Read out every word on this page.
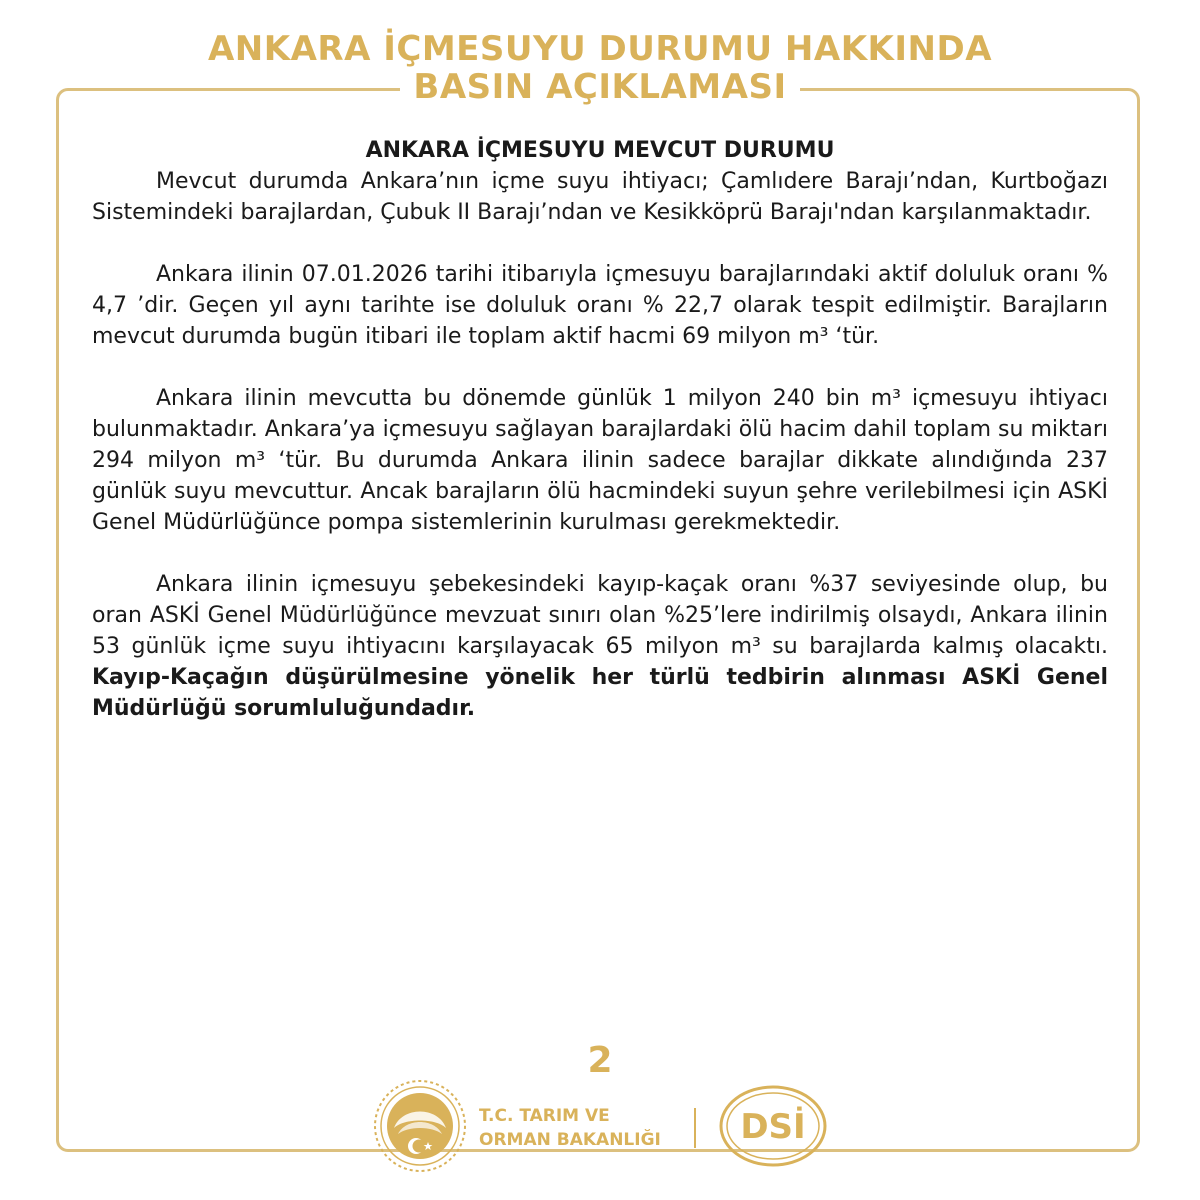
ANKARA İÇMESUYU DURUMU HAKKINDA
BASIN AÇIKLAMASI

ANKARA İÇMESUYU MEVCUT DURUMU

Mevcut durumda Ankara’nın içme suyu ihtiyacı; Çamlıdere Barajı’ndan, Kurtboğazı Sistemindeki barajlardan, Çubuk II Barajı’ndan ve Kesikköprü Barajı'ndan karşılanmaktadır.

Ankara ilinin 07.01.2026 tarihi itibarıyla içmesuyu barajlarındaki aktif doluluk oranı % 4,7 ’dir. Geçen yıl aynı tarihte ise doluluk oranı % 22,7 olarak tespit edilmiştir. Barajların mevcut durumda bugün itibari ile toplam aktif hacmi 69 milyon m³ ‘tür.

Ankara ilinin mevcutta bu dönemde günlük 1 milyon 240 bin m³ içmesuyu ihtiyacı bulunmaktadır. Ankara’ya içmesuyu sağlayan barajlardaki ölü hacim dahil toplam su miktarı 294 milyon m³ ‘tür. Bu durumda Ankara ilinin sadece barajlar dikkate alındığında 237 günlük suyu mevcuttur. Ancak barajların ölü hacmindeki suyun şehre verilebilmesi için ASKİ Genel Müdürlüğünce pompa sistemlerinin kurulması gerekmektedir.

Ankara ilinin içmesuyu şebekesindeki kayıp-kaçak oranı %37 seviyesinde olup, bu oran ASKİ Genel Müdürlüğünce mevzuat sınırı olan %25’lere indirilmiş olsaydı, Ankara ilinin 53 günlük içme suyu ihtiyacını karşılayacak 65 milyon m³ su barajlarda kalmış olacaktı. Kayıp-Kaçağın düşürülmesine yönelik her türlü tedbirin alınması ASKİ Genel Müdürlüğü sorumluluğundadır.

2
T.C. TARIM VE
ORMAN BAKANLIĞI DSİ
